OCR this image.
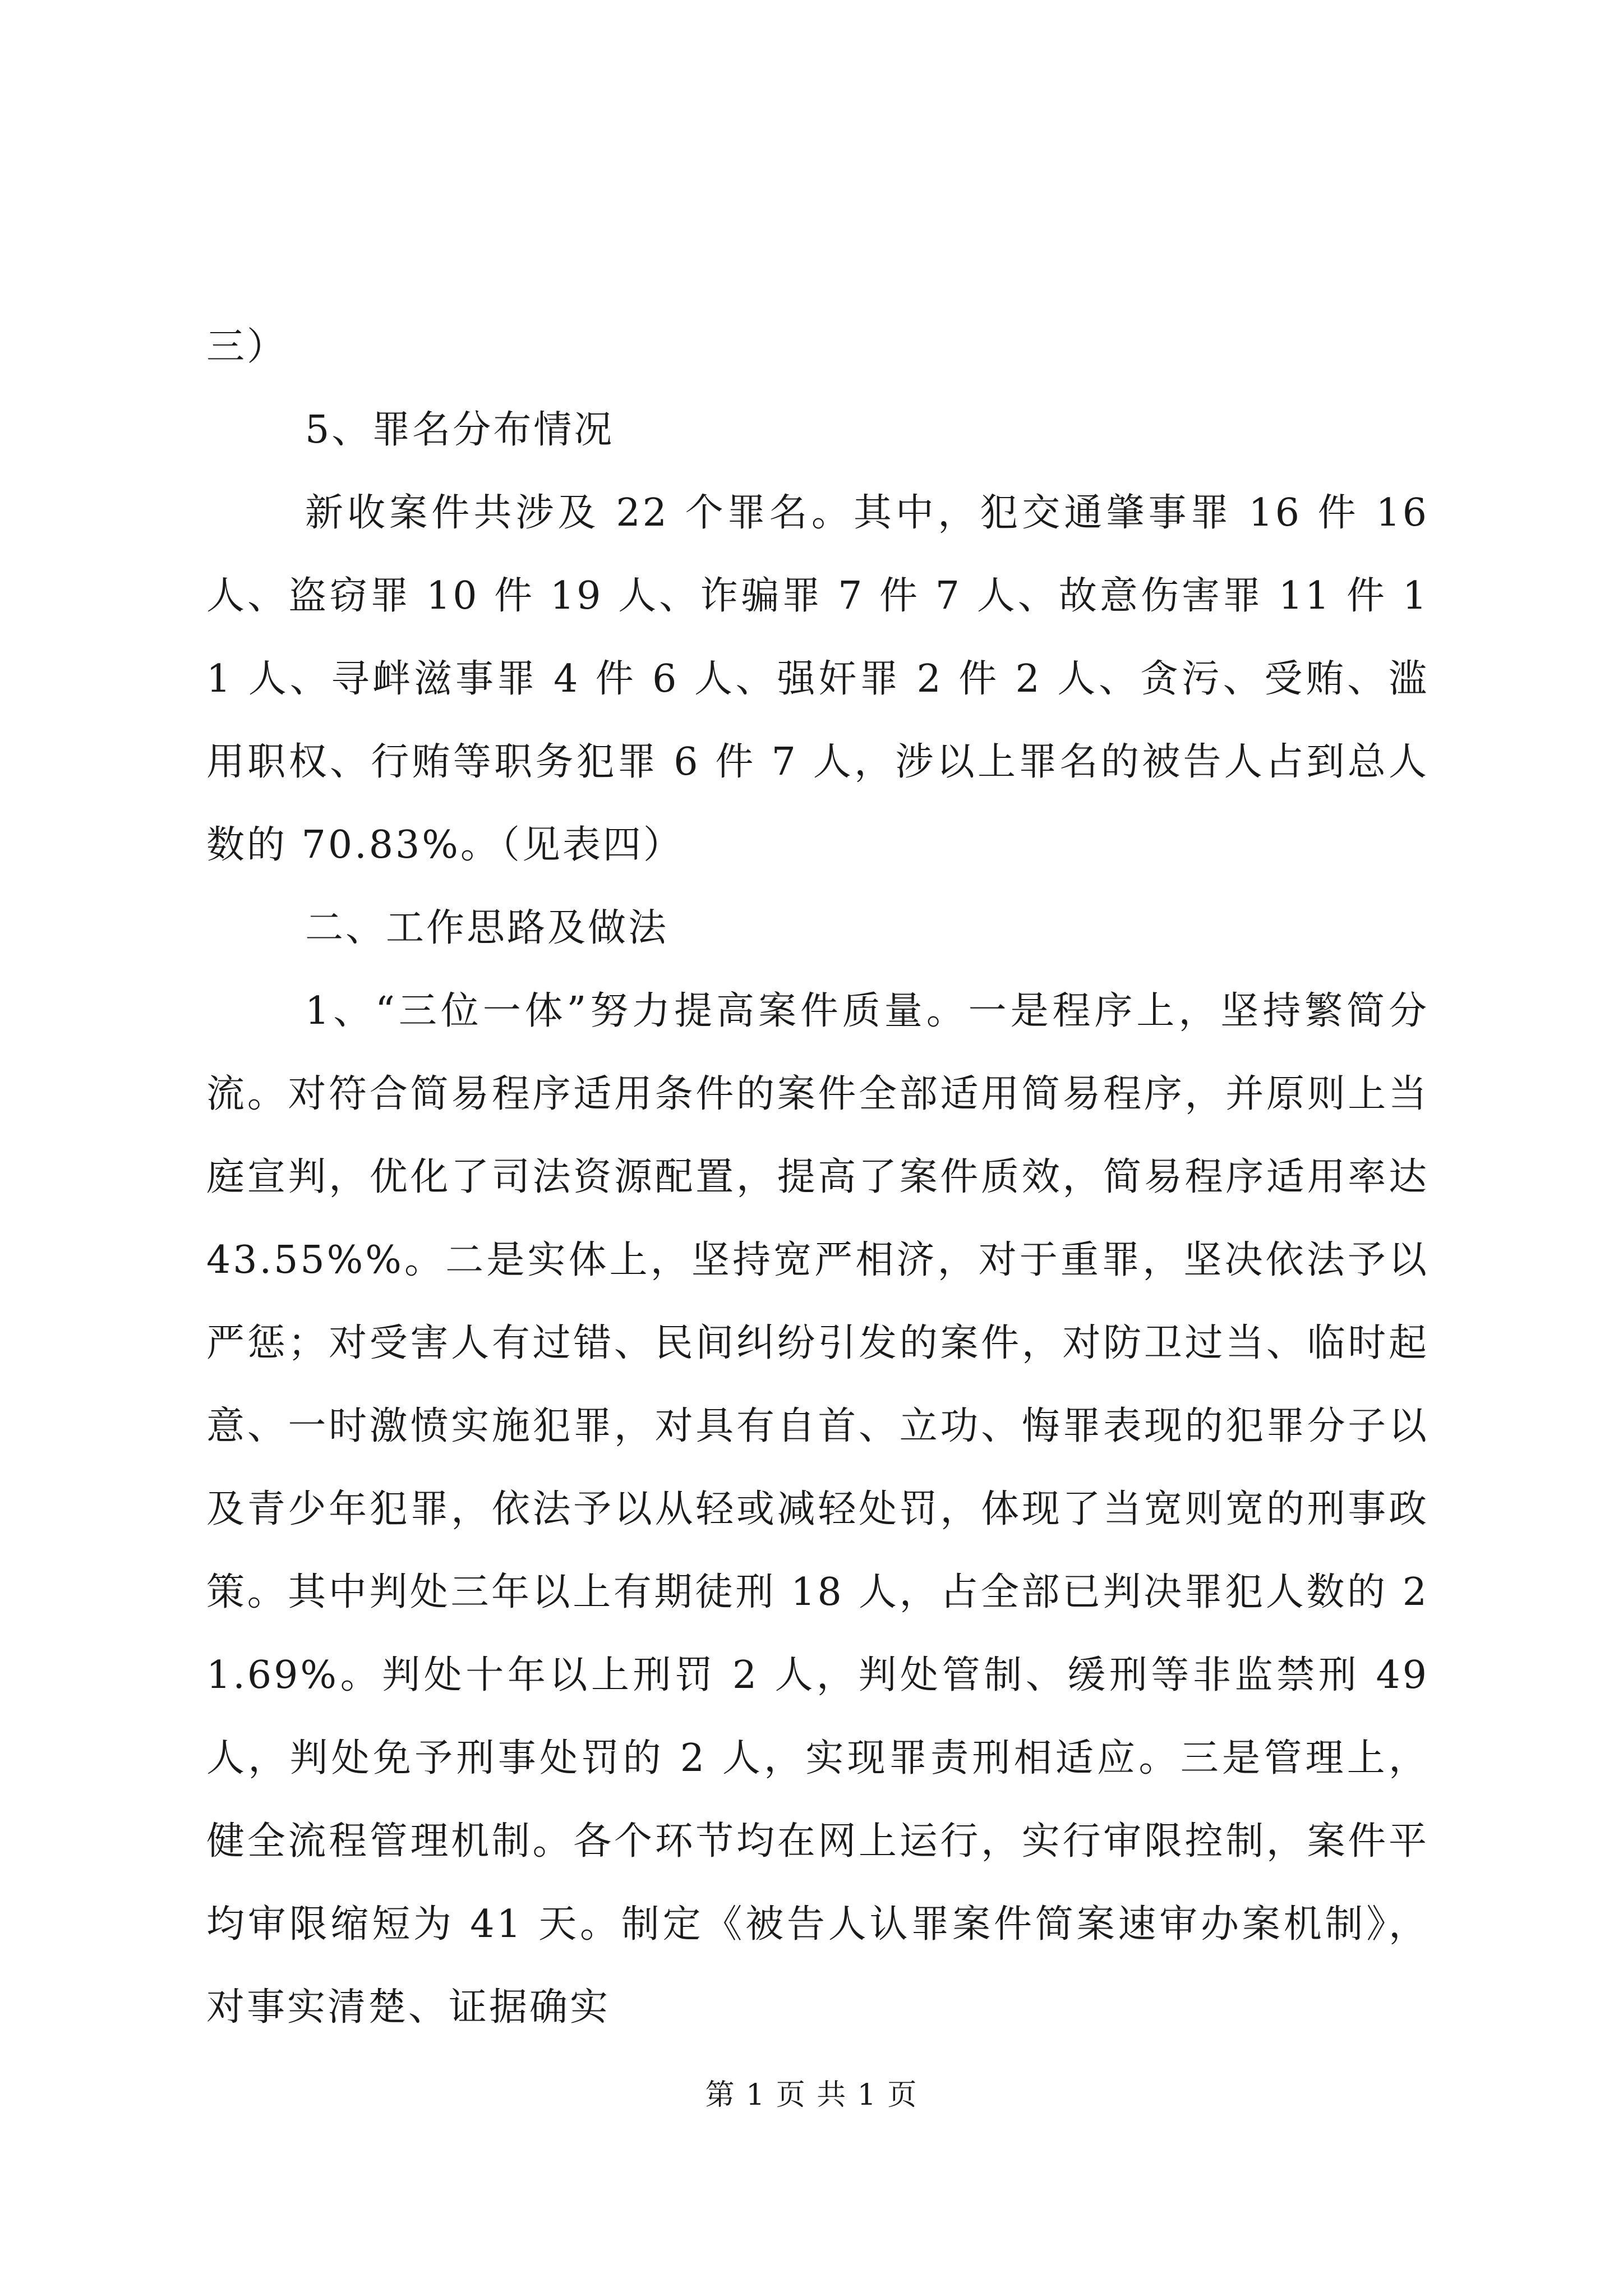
三）

5、罪名分布情况

新收案件共涉及 22 个罪名。其中，犯交通肇事罪 16 件 16 人、盗窃罪 10 件 19 人、诈骗罪 7 件 7 人、故意伤害罪 11 件 11 人、寻衅滋事罪 4 件 6 人、强奸罪 2 件 2 人、贪污、受贿、滥用职权、行贿等职务犯罪 6 件 7 人，涉以上罪名的被告人占到总人数的 70.83%。（见表四）

二、工作思路及做法

1、“三位一体”努力提高案件质量。一是程序上，坚持繁简分流。对符合简易程序适用条件的案件全部适用简易程序，并原则上当庭宣判，优化了司法资源配置，提高了案件质效，简易程序适用率达 43.55%%。二是实体上，坚持宽严相济，对于重罪，坚决依法予以严惩；对受害人有过错、民间纠纷引发的案件，对防卫过当、临时起意、一时激愤实施犯罪，对具有自首、立功、悔罪表现的犯罪分子以及青少年犯罪，依法予以从轻或减轻处罚，体现了当宽则宽的刑事政策。其中判处三年以上有期徒刑 18 人，占全部已判决罪犯人数的 21.69%。判处十年以上刑罚 2 人，判处管制、缓刑等非监禁刑 49 人，判处免予刑事处罚的 2 人，实现罪责刑相适应。三是管理上，健全流程管理机制。各个环节均在网上运行，实行审限控制，案件平均审限缩短为 41 天。制定《被告人认罪案件简案速审办案机制》，对事实清楚、证据确实

第 1 页 共 1 页
